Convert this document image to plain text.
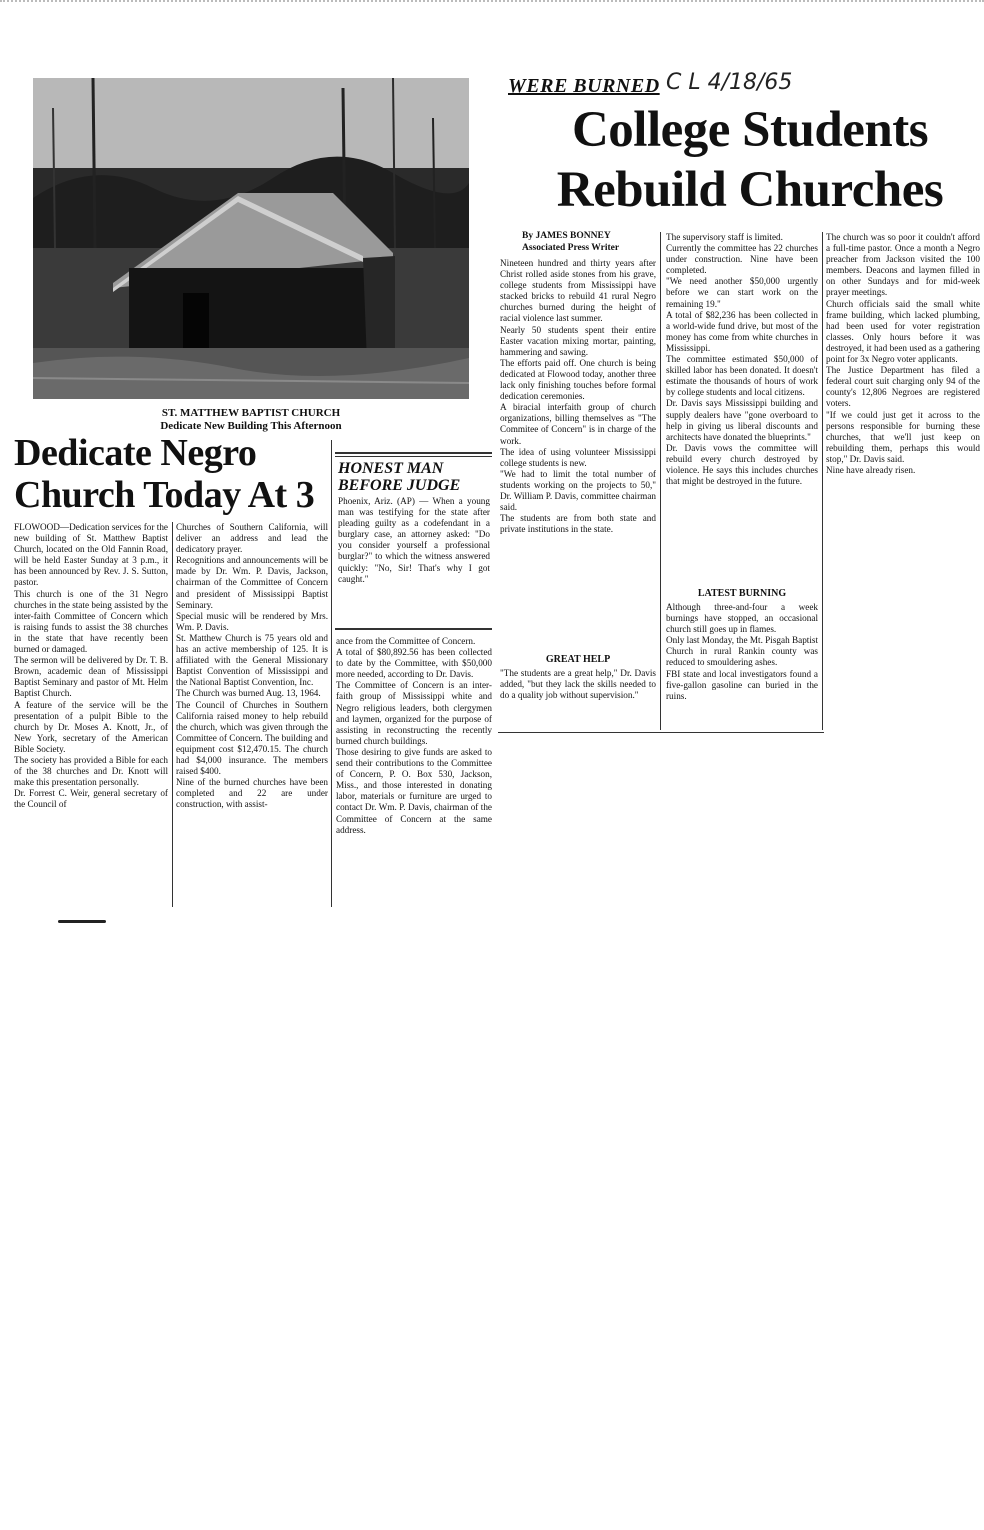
ST. MATTHEW BAPTIST CHURCH
Dedicate New Building This Afternoon
Dedicate Negro
Church Today At 3
FLOWOOD—Dedication services for the new building of St. Matthew Baptist Church, located on the Old Fannin Road, will be held Easter Sunday at 3 p.m., it has been announced by Rev. J. S. Sutton, pastor.
This church is one of the 31 Negro churches in the state being assisted by the inter-faith Committee of Concern which is raising funds to assist the 38 churches in the state that have recently been burned or damaged.
The sermon will be delivered by Dr. T. B. Brown, academic dean of Mississippi Baptist Seminary and pastor of Mt. Helm Baptist Church.
A feature of the service will be the presentation of a pulpit Bible to the church by Dr. Moses A. Knott, Jr., of New York, secretary of the American Bible Society.
The society has provided a Bible for each of the 38 churches and Dr. Knott will make this presentation personally.
Dr. Forrest C. Weir, general secretary of the Council of
Churches of Southern California, will deliver an address and lead the dedicatory prayer.
Recognitions and announcements will be made by Dr. Wm. P. Davis, Jackson, chairman of the Committee of Concern and president of Mississippi Baptist Seminary.
Special music will be rendered by Mrs. Wm. P. Davis.
St. Matthew Church is 75 years old and has an active membership of 125. It is affiliated with the General Missionary Baptist Convention of Mississippi and the National Baptist Convention, Inc.
The Church was burned Aug. 13, 1964.
The Council of Churches in Southern California raised money to help rebuild the church, which was given through the Committee of Concern. The building and equipment cost $12,470.15. The church had $4,000 insurance. The members raised $400.
Nine of the burned churches have been completed and 22 are under construction, with assist-
HONEST MAN
BEFORE JUDGE
Phoenix, Ariz. (AP) — When a young man was testifying for the state after pleading guilty as a codefendant in a burglary case, an attorney asked: "Do you consider yourself a professional burglar?" to which the witness answered quickly: "No, Sir! That's why I got caught."
ance from the Committee of Concern.
A total of $80,892.56 has been collected to date by the Committee, with $50,000 more needed, according to Dr. Davis.
The Committee of Concern is an inter-faith group of Mississippi white and Negro religious leaders, both clergymen and laymen, organized for the purpose of assisting in reconstructing the recently burned church buildings.
Those desiring to give funds are asked to send their contributions to the Committee of Concern, P. O. Box 530, Jackson, Miss., and those interested in donating labor, materials or furniture are urged to contact Dr. Wm. P. Davis, chairman of the Committee of Concern at the same address.
WERE BURNED C L 4/18/65
College Students
Rebuild Churches
By JAMES BONNEY
Associated Press Writer
Nineteen hundred and thirty years after Christ rolled aside stones from his grave, college students from Mississippi have stacked bricks to rebuild 41 rural Negro churches burned during the height of racial violence last summer.
Nearly 50 students spent their entire Easter vacation mixing mortar, painting, hammering and sawing.
The efforts paid off. One church is being dedicated at Flowood today, another three lack only finishing touches before formal dedication ceremonies.
A biracial interfaith group of church organizations, billing themselves as "The Commitee of Concern" is in charge of the work.
The idea of using volunteer Mississippi college students is new.
"We had to limit the total number of students working on the projects to 50," Dr. William P. Davis, committee chairman said.
The students are from both state and private institutions in the state.
GREAT HELP
"The students are a great help," Dr. Davis added, "but they lack the skills needed to do a quality job without supervision."
The supervisory staff is limited.
Currently the committee has 22 churches under construction. Nine have been completed.
"We need another $50,000 urgently before we can start work on the remaining 19."
A total of $82,236 has been collected in a world-wide fund drive, but most of the money has come from white churches in Mississippi.
The committee estimated $50,000 of skilled labor has been donated. It doesn't estimate the thousands of hours of work by college students and local citizens.
Dr. Davis says Mississippi building and supply dealers have "gone overboard to help in giving us liberal discounts and architects have donated the blueprints."
Dr. Davis vows the committee will rebuild every church destroyed by violence. He says this includes churches that might be destroyed in the future.
LATEST BURNING
Although three-and-four a week burnings have stopped, an occasional church still goes up in flames.
Only last Monday, the Mt. Pisgah Baptist Church in rural Rankin county was reduced to smouldering ashes.
FBI state and local investigators found a five-gallon gasoline can buried in the ruins.
The church was so poor it couldn't afford a full-time pastor. Once a month a Negro preacher from Jackson visited the 100 members. Deacons and laymen filled in on other Sundays and for mid-week prayer meetings.
Church officials said the small white frame building, which lacked plumbing, had been used for voter registration classes. Only hours before it was destroyed, it had been used as a gathering point for 3x Negro voter applicants.
The Justice Department has filed a federal court suit charging only 94 of the county's 12,806 Negroes are registered voters.
"If we could just get it across to the persons responsible for burning these churches, that we'll just keep on rebuilding them, perhaps this would stop," Dr. Davis said.
Nine have already risen.
